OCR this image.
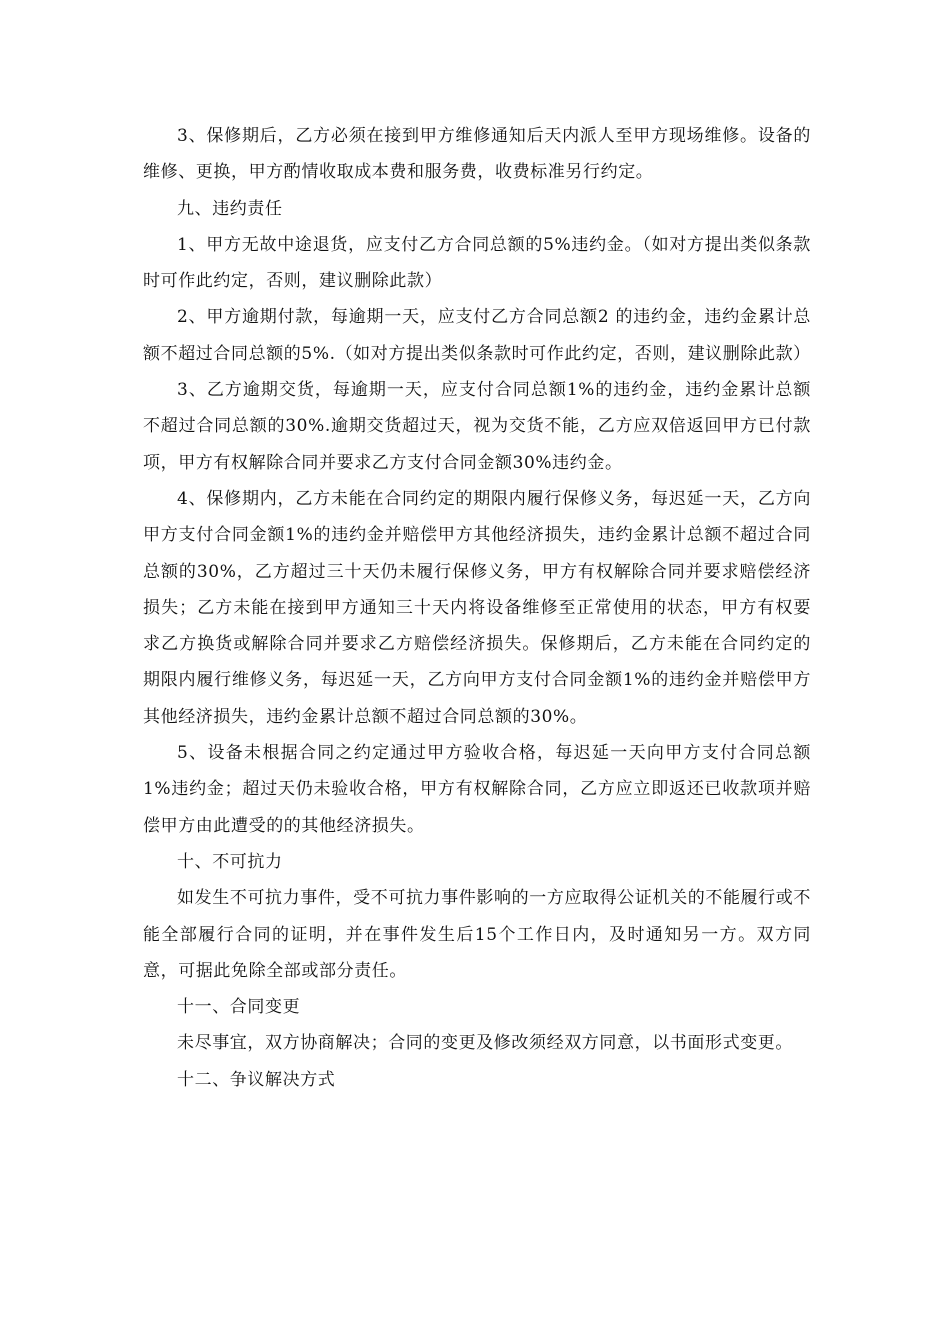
3、保修期后，乙方必须在接到甲方维修通知后天内派人至甲方现场维修。设备的维修、更换，甲方酌情收取成本费和服务费，收费标准另行约定。

九、违约责任

1、甲方无故中途退货，应支付乙方合同总额的5%违约金。（如对方提出类似条款时可作此约定，否则，建议删除此款）

2、甲方逾期付款，每逾期一天，应支付乙方合同总额2 的违约金，违约金累计总额不超过合同总额的5%.（如对方提出类似条款时可作此约定，否则，建议删除此款）

3、乙方逾期交货，每逾期一天，应支付合同总额1%的违约金，违约金累计总额不超过合同总额的30%.逾期交货超过天，视为交货不能，乙方应双倍返回甲方已付款项，甲方有权解除合同并要求乙方支付合同金额30%违约金。

4、保修期内，乙方未能在合同约定的期限内履行保修义务，每迟延一天，乙方向甲方支付合同金额1%的违约金并赔偿甲方其他经济损失，违约金累计总额不超过合同总额的30%，乙方超过三十天仍未履行保修义务，甲方有权解除合同并要求赔偿经济损失；乙方未能在接到甲方通知三十天内将设备维修至正常使用的状态，甲方有权要求乙方换货或解除合同并要求乙方赔偿经济损失。保修期后，乙方未能在合同约定的期限内履行维修义务，每迟延一天，乙方向甲方支付合同金额1%的违约金并赔偿甲方其他经济损失，违约金累计总额不超过合同总额的30%。

5、设备未根据合同之约定通过甲方验收合格，每迟延一天向甲方支付合同总额1%违约金；超过天仍未验收合格，甲方有权解除合同，乙方应立即返还已收款项并赔偿甲方由此遭受的的其他经济损失。

十、不可抗力

如发生不可抗力事件，受不可抗力事件影响的一方应取得公证机关的不能履行或不能全部履行合同的证明，并在事件发生后15个工作日内，及时通知另一方。双方同意，可据此免除全部或部分责任。

十一、合同变更

未尽事宜，双方协商解决；合同的变更及修改须经双方同意，以书面形式变更。

十二、争议解决方式
